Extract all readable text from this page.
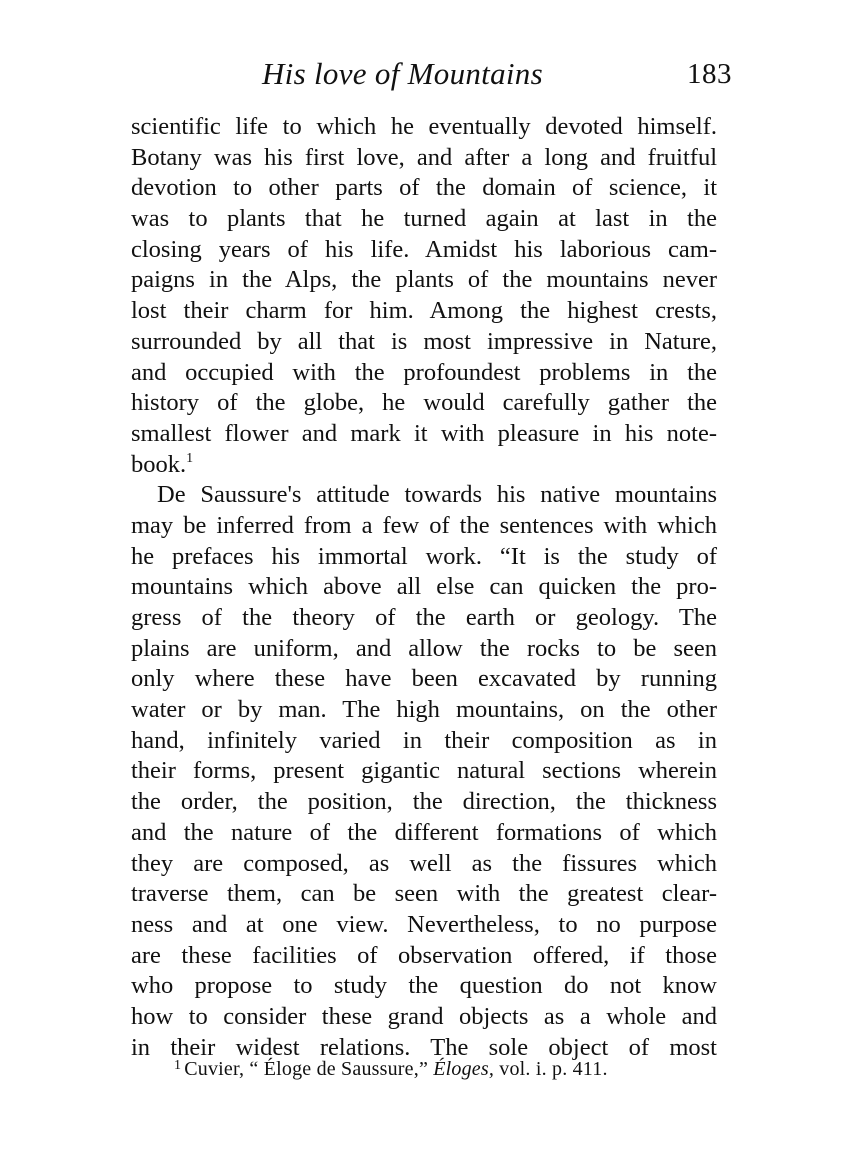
His love of Mountains	183
scientific life to which he eventually devoted himself.
Botany was his first love, and after a long and fruitful
devotion to other parts of the domain of science, it
was to plants that he turned again at last in the
closing years of his life. Amidst his laborious cam-
paigns in the Alps, the plants of the mountains never
lost their charm for him. Among the highest crests,
surrounded by all that is most impressive in Nature,
and occupied with the profoundest problems in the
history of the globe, he would carefully gather the
smallest flower and mark it with pleasure in his note-
book.$^1$
De Saussure's attitude towards his native mountains
may be inferred from a few of the sentences with which
he prefaces his immortal work. “It is the study of
mountains which above all else can quicken the pro-
gress of the theory of the earth or geology. The
plains are uniform, and allow the rocks to be seen
only where these have been excavated by running
water or by man. The high mountains, on the other
hand, infinitely varied in their composition as in
their forms, present gigantic natural sections wherein
the order, the position, the direction, the thickness
and the nature of the different formations of which
they are composed, as well as the fissures which
traverse them, can be seen with the greatest clear-
ness and at one view. Nevertheless, to no purpose
are these facilities of observation offered, if those
who propose to study the question do not know
how to consider these grand objects as a whole and
in their widest relations. The sole object of most
$^1$ Cuvier, “ Éloge de Saussure,” Éloges, vol. i. p. 411.
